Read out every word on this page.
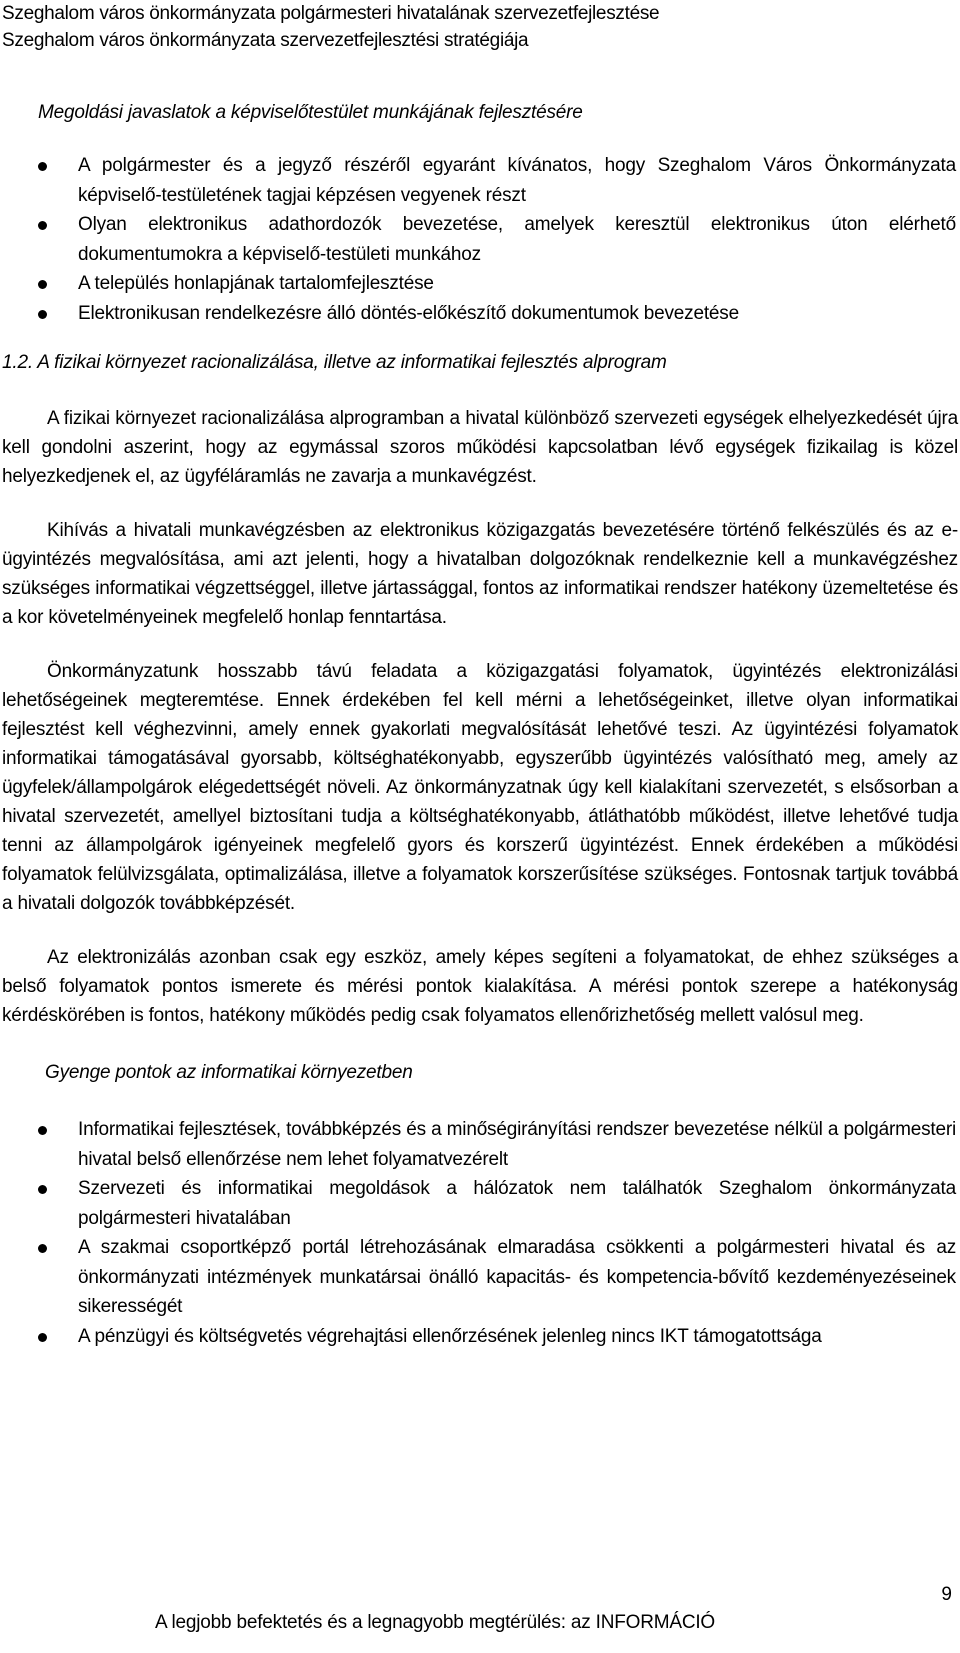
Szeghalom város önkormányzata polgármesteri hivatalának szervezetfejlesztése
Szeghalom város önkormányzata szervezetfejlesztési stratégiája
Megoldási javaslatok a képviselőtestület munkájának fejlesztésére
A polgármester és a jegyző részéről egyaránt kívánatos, hogy Szeghalom Város Önkormányzata képviselő-testületének tagjai képzésen vegyenek részt
Olyan elektronikus adathordozók bevezetése, amelyek keresztül elektronikus úton elérhető dokumentumokra a képviselő-testületi munkához
A település honlapjának tartalomfejlesztése
Elektronikusan rendelkezésre álló döntés-előkészítő dokumentumok bevezetése
1.2. A fizikai környezet racionalizálása, illetve az informatikai fejlesztés alprogram

A fizikai környezet racionalizálása alprogramban a hivatal különböző szervezeti egységek elhelyezkedését újra kell gondolni aszerint, hogy az egymással szoros működési kapcsolatban lévő egységek fizikailag is közel helyezkedjenek el, az ügyféláramlás ne zavarja a munkavégzést.

Kihívás a hivatali munkavégzésben az elektronikus közigazgatás bevezetésére történő felkészülés és az e-ügyintézés megvalósítása, ami azt jelenti, hogy a hivatalban dolgozóknak rendelkeznie kell a munkavégzéshez szükséges informatikai végzettséggel, illetve jártassággal, fontos az informatikai rendszer hatékony üzemeltetése és a kor követelményeinek megfelelő honlap fenntartása.

Önkormányzatunk hosszabb távú feladata a közigazgatási folyamatok, ügyintézés elektronizálási lehetőségeinek megteremtése. Ennek érdekében fel kell mérni a lehetőségeinket, illetve olyan informatikai fejlesztést kell véghezvinni, amely ennek gyakorlati megvalósítását lehetővé teszi. Az ügyintézési folyamatok informatikai támogatásával gyorsabb, költséghatékonyabb, egyszerűbb ügyintézés valósítható meg, amely az ügyfelek/állampolgárok elégedettségét növeli. Az önkormányzatnak úgy kell kialakítani szervezetét, s elsősorban a hivatal szervezetét, amellyel biztosítani tudja a költséghatékonyabb, átláthatóbb működést, illetve lehetővé tudja tenni az állampolgárok igényeinek megfelelő gyors és korszerű ügyintézést. Ennek érdekében a működési folyamatok felülvizsgálata, optimalizálása, illetve a folyamatok korszerűsítése szükséges. Fontosnak tartjuk továbbá a hivatali dolgozók továbbképzését.

Az elektronizálás azonban csak egy eszköz, amely képes segíteni a folyamatokat, de ehhez szükséges a belső folyamatok pontos ismerete és mérési pontok kialakítása. A mérési pontok szerepe a hatékonyság kérdéskörében is fontos, hatékony működés pedig csak folyamatos ellenőrizhetőség mellett valósul meg.

Gyenge pontok az informatikai környezetben
Informatikai fejlesztések, továbbképzés és a minőségirányítási rendszer bevezetése nélkül a polgármesteri hivatal belső ellenőrzése nem lehet folyamatvezérelt
Szervezeti és informatikai megoldások a hálózatok nem találhatók Szeghalom önkormányzata polgármesteri hivatalában
A szakmai csoportképző portál létrehozásának elmaradása csökkenti a polgármesteri hivatal és az önkormányzati intézmények munkatársai önálló kapacitás- és kompetencia-bővítő kezdeményezéseinek sikerességét
A pénzügyi és költségvetés végrehajtási ellenőrzésének jelenleg nincs IKT támogatottsága
9
A legjobb befektetés és a legnagyobb megtérülés: az INFORMÁCIÓ
